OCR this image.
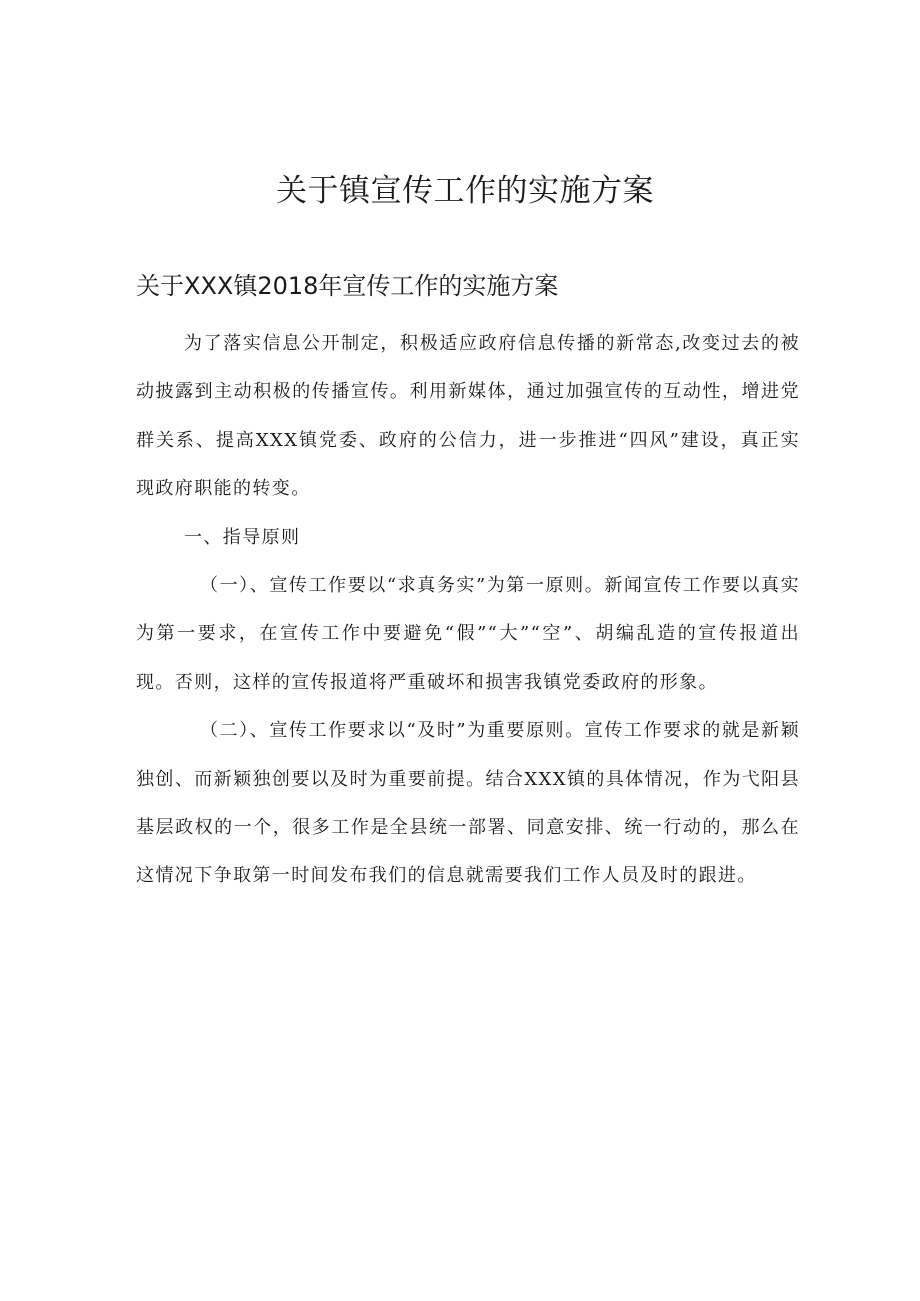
关于镇宣传工作的实施方案
关于XXX镇2018年宣传工作的实施方案

为了落实信息公开制定，积极适应政府信息传播的新常态,改变过去的被动披露到主动积极的传播宣传。利用新媒体，通过加强宣传的互动性，增进党群关系、提高XXX镇党委、政府的公信力，进一步推进“四风”建设，真正实现政府职能的转变。

一、指导原则

（一）、宣传工作要以“求真务实”为第一原则。新闻宣传工作要以真实为第一要求，在宣传工作中要避免“假”“大”“空”、胡编乱造的宣传报道出现。否则，这样的宣传报道将严重破坏和损害我镇党委政府的形象。

（二）、宣传工作要求以“及时”为重要原则。宣传工作要求的就是新颖独创、而新颖独创要以及时为重要前提。结合XXX镇的具体情况，作为弋阳县基层政权的一个，很多工作是全县统一部署、同意安排、统一行动的，那么在这情况下争取第一时间发布我们的信息就需要我们工作人员及时的跟进。
